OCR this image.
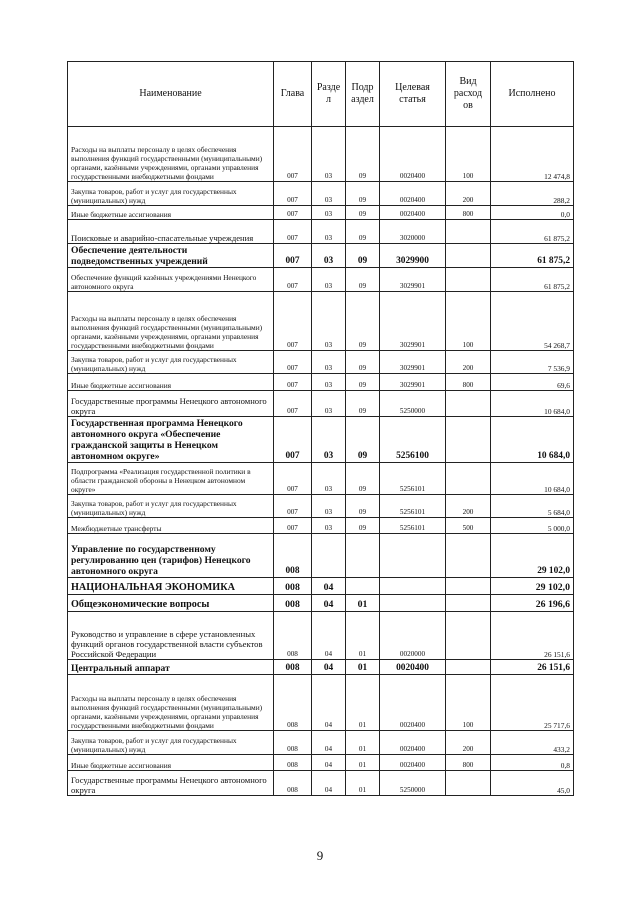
Наименование	Глава	Разде л	Подр аздел	Целевая статья	Вид расход ов	Исполнено
Расходы на выплаты персоналу в целях обеспечения выполнения функций государственными (муниципальными) органами, казёнными учреждениями, органами управления государственными внебюджетными фондами	007	03	09	0020400	100	12 474,8
Закупка товаров, работ и услуг для государственных (муниципальных) нужд	007	03	09	0020400	200	288,2
Иные бюджетные ассигнования	007	03	09	0020400	800	0,0
Поисковые и аварийно-спасательные учреждения	007	03	09	3020000		61 875,2
Обеспечение деятельности подведомственных учреждений	007	03	09	3029900		61 875,2
Обеспечение функций казённых учреждениями Ненецкого автономного округа	007	03	09	3029901		61 875,2
Расходы на выплаты персоналу в целях обеспечения выполнения функций государственными (муниципальными) органами, казёнными учреждениями, органами управления государственными внебюджетными фондами	007	03	09	3029901	100	54 268,7
Закупка товаров, работ и услуг для государственных (муниципальных) нужд	007	03	09	3029901	200	7 536,9
Иные бюджетные ассигнования	007	03	09	3029901	800	69,6
Государственные программы Ненецкого автономного округа	007	03	09	5250000		10 684,0
Государственная программа Ненецкого автономного округа «Обеспечение гражданской защиты в Ненецком автономном округе»	007	03	09	5256100		10 684,0
Подпрограмма «Реализация государственной политики в области гражданской обороны в Ненецком автономном округе»	007	03	09	5256101		10 684,0
Закупка товаров, работ и услуг для государственных (муниципальных) нужд	007	03	09	5256101	200	5 684,0
Межбюджетные трансферты	007	03	09	5256101	500	5 000,0
Управление по государственному регулированию цен (тарифов) Ненецкого автономного округа	008					29 102,0
НАЦИОНАЛЬНАЯ ЭКОНОМИКА	008	04				29 102,0
Общеэкономические вопросы	008	04	01			26 196,6
Руководство и управление в сфере установленных функций органов государственной власти субъектов Российской Федерации	008	04	01	0020000		26 151,6
Центральный аппарат	008	04	01	0020400		26 151,6
Расходы на выплаты персоналу в целях обеспечения выполнения функций государственными (муниципальными) органами, казёнными учреждениями, органами управления государственными внебюджетными фондами	008	04	01	0020400	100	25 717,6
Закупка товаров, работ и услуг для государственных (муниципальных) нужд	008	04	01	0020400	200	433,2
Иные бюджетные ассигнования	008	04	01	0020400	800	0,8
Государственные программы Ненецкого автономного округа	008	04	01	5250000		45,0
9
